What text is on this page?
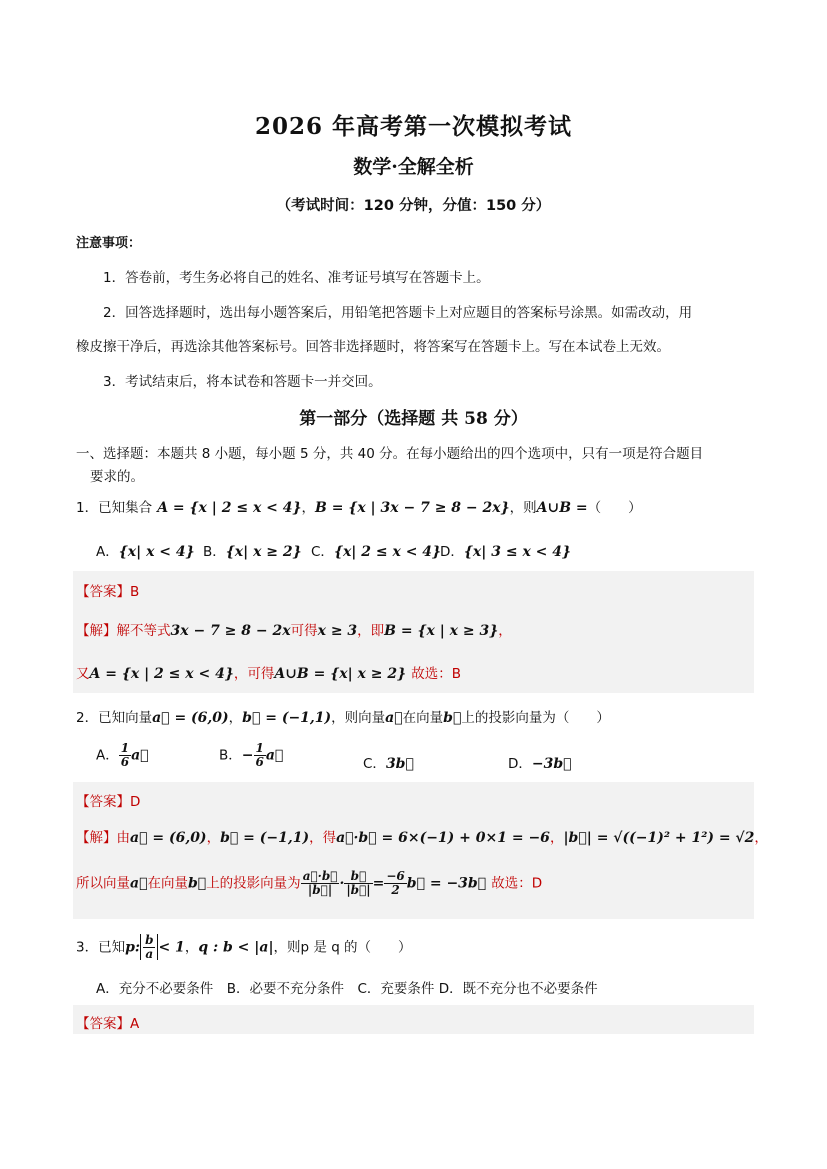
2026 年高考第一次模拟考试
数学·全解全析
（考试时间：120 分钟，分值：150 分）
注意事项：
1．答卷前，考生务必将自己的姓名、准考证号填写在答题卡上。
2．回答选择题时，选出每小题答案后，用铅笔把答题卡上对应题目的答案标号涂黑。如需改动，用
橡皮擦干净后，再选涂其他答案标号。回答非选择题时，将答案写在答题卡上。写在本试卷上无效。
3．考试结束后，将本试卷和答题卡一并交回。
第一部分（选择题 共 58 分）
一、选择题：本题共 8 小题，每小题 5 分，共 40 分。在每小题给出的四个选项中，只有一项是符合题目
要求的。
1．已知集合 A = {x | 2 ≤ x < 4}，B = {x | 3x − 7 ≥ 8 − 2x}，则A∪B =（　　）
A．{x| x < 4} B．{x| x ≥ 2} C．{x| 2 ≤ x < 4}
D．{x| 3 ≤ x < 4}
【答案】B
【解】解不等式3x − 7 ≥ 8 − 2x可得x ≥ 3，即B = {x | x ≥ 3}，
又A = {x | 2 ≤ x < 4}，可得A∪B = {x| x ≥ 2} 故选：B
2．已知向量a⃗ = (6,0)，b⃗ = (−1,1)，则向量a⃗在向量b⃗上的投影向量为（　　）
A． $\frac{1}{6}$ a⃗	B．− $\frac{1}{6}$ a⃗
C．3b⃗	D．−3b⃗
【答案】D
【解】由a⃗ = (6,0)，b⃗ = (−1,1)，得a⃗·b⃗ = 6×(−1) + 0×1 = −6，|b⃗| = √((−1)² + 1²) = √2，
所以向量a⃗在向量b⃗上的投影向量为 $\frac{a⃗\cdot b⃗}{|b⃗|} \cdot \frac{b⃗}{|b⃗|} = \frac{-6}{2}$ b⃗ = −3b⃗ 故选：D
3．已知p: $\frac{b}{a} < 1$，q : b < |a|，则p 是 q 的（　　）
A．充分不必要条件　B．必要不充分条件　C．充要条件 D．既不充分也不必要条件
【答案】A
